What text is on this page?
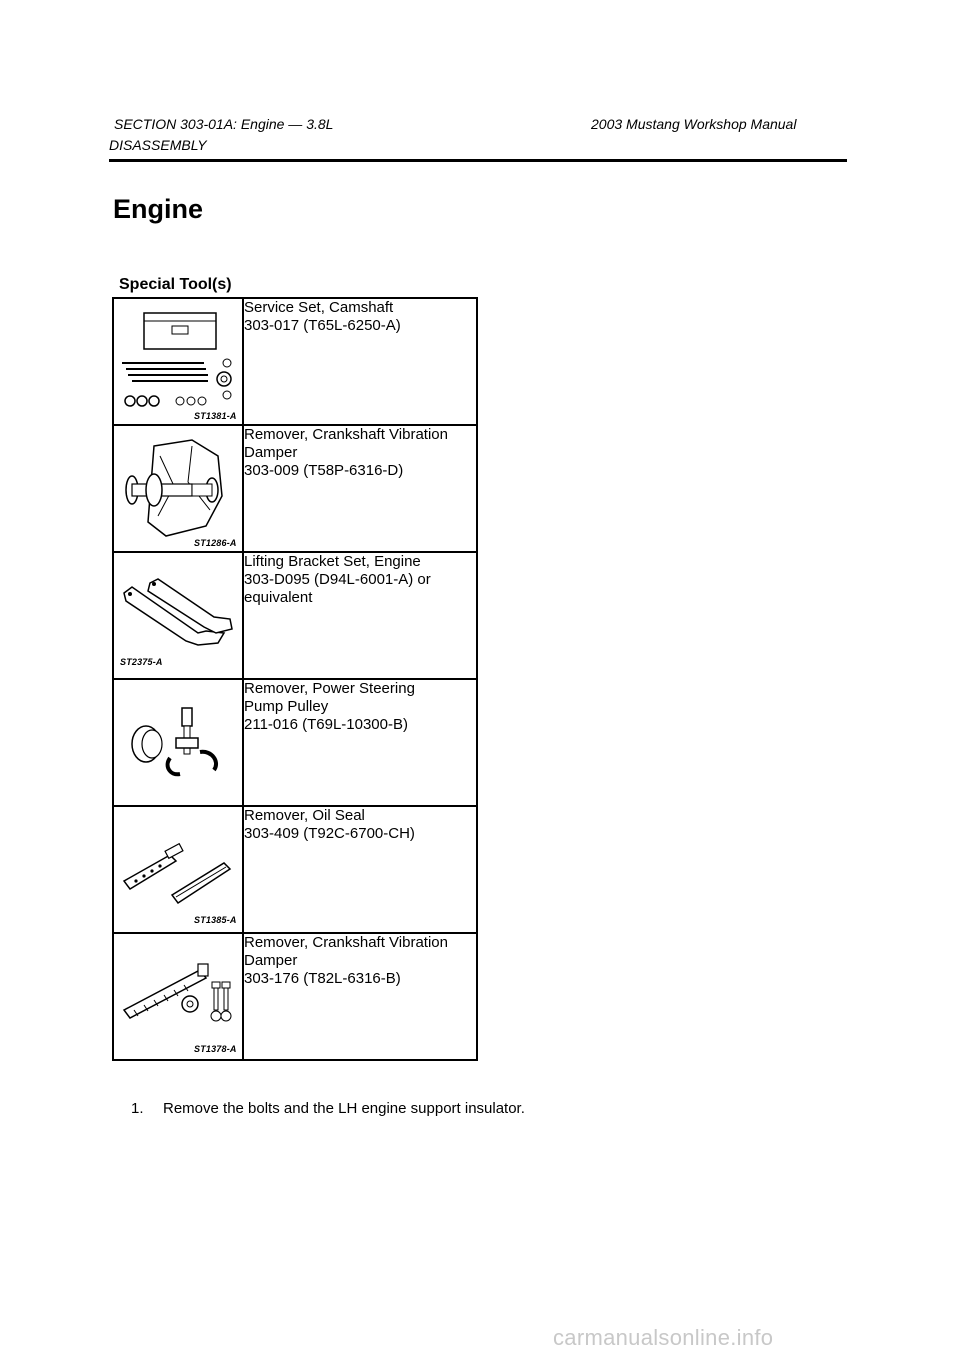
SECTION 303-01A: Engine — 3.8L	2003 Mustang Workshop Manual
DISASSEMBLY
Engine
Special Tool(s)
ST1381-A	Service Set, Camshaft
303-017 (T65L-6250-A)

ST1286-A	Remover, Crankshaft Vibration
Damper
303-009 (T58P-6316-D)

ST2375-A	Lifting Bracket Set, Engine
303-D095 (D94L-6001-A) or
equivalent

Remover, Power Steering
Pump Pulley
211-016 (T69L-10300-B)

ST1385-A	Remover, Oil Seal
303-409 (T92C-6700-CH)

ST1378-A	Remover, Crankshaft Vibration
Damper
303-176 (T82L-6316-B)
1. Remove the bolts and the LH engine support insulator.
carmanualsonline.info
